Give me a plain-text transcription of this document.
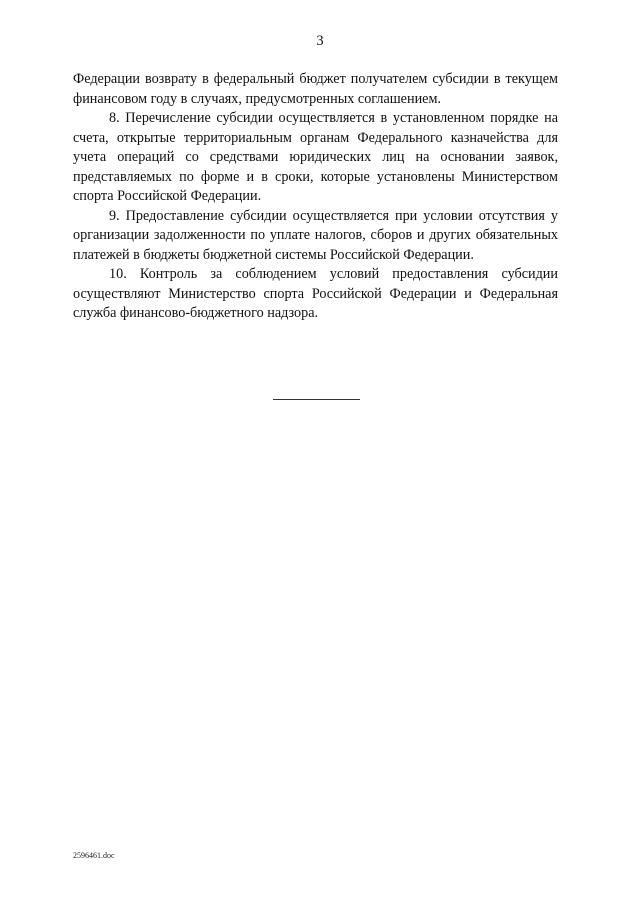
3

Федерации возврату в федеральный бюджет получателем субсидии в текущем финансовом году в случаях, предусмотренных соглашением.

8. Перечисление субсидии осуществляется в установленном порядке на счета, открытые территориальным органам Федерального казначейства для учета операций со средствами юридических лиц на основании заявок, представляемых по форме и в сроки, которые установлены Министерством спорта Российской Федерации.

9. Предоставление субсидии осуществляется при условии отсутствия у организации задолженности по уплате налогов, сборов и других обязательных платежей в бюджеты бюджетной системы Российской Федерации.

10. Контроль за соблюдением условий предоставления субсидии осуществляют Министерство спорта Российской Федерации и Федеральная служба финансово-бюджетного надзора.

2596461.doc
